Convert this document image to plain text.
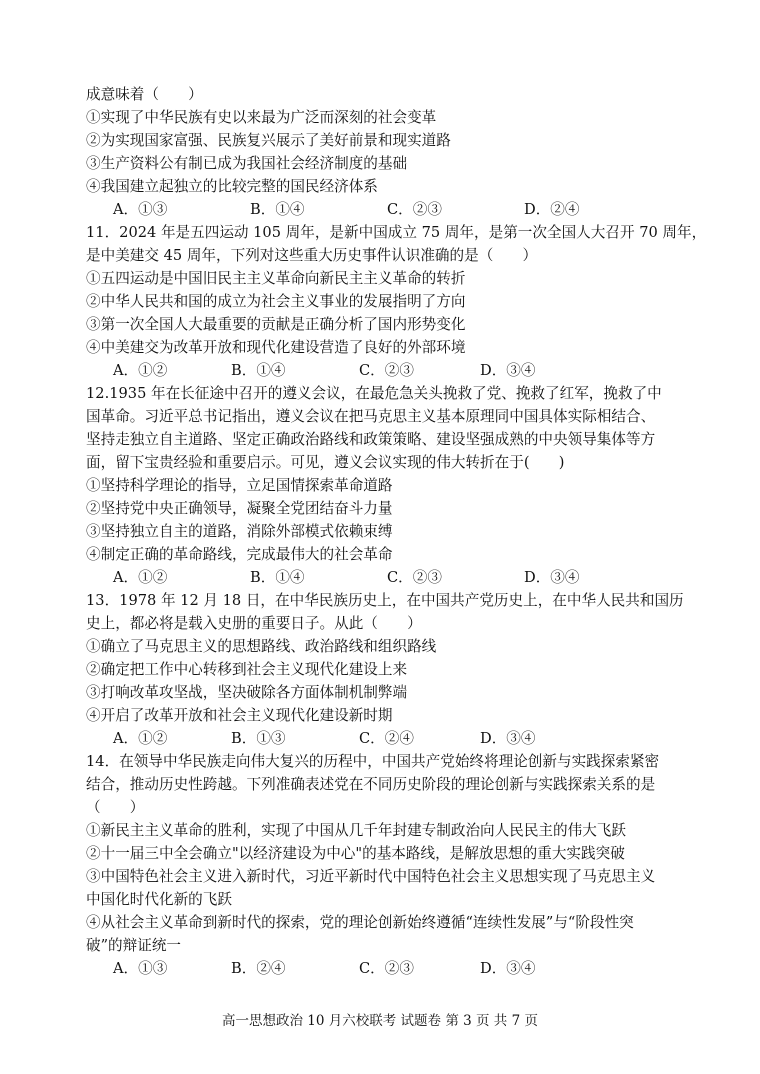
成意味着（　　）
①实现了中华民族有史以来最为广泛而深刻的社会变革
②为实现国家富强、民族复兴展示了美好前景和现实道路
③生产资料公有制已成为我国社会经济制度的基础
④我国建立起独立的比较完整的国民经济体系
A．①③	B．①④	C．②③	D．②④
11．2024 年是五四运动 105 周年，是新中国成立 75 周年，是第一次全国人大召开 70 周年，
是中美建交 45 周年，下列对这些重大历史事件认识准确的是（　　）
①五四运动是中国旧民主主义革命向新民主主义革命的转折
②中华人民共和国的成立为社会主义事业的发展指明了方向
③第一次全国人大最重要的贡献是正确分析了国内形势变化
④中美建交为改革开放和现代化建设营造了良好的外部环境
A．①②	B．①④	C．②③	D．③④
12.1935 年在长征途中召开的遵义会议，在最危急关头挽救了党、挽救了红军，挽救了中
国革命。习近平总书记指出，遵义会议在把马克思主义基本原理同中国具体实际相结合、
坚持走独立自主道路、坚定正确政治路线和政策策略、建设坚强成熟的中央领导集体等方
面，留下宝贵经验和重要启示。可见，遵义会议实现的伟大转折在于(　　)
①坚持科学理论的指导，立足国情探索革命道路
②坚持党中央正确领导，凝聚全党团结奋斗力量
③坚持独立自主的道路，消除外部模式依赖束缚
④制定正确的革命路线，完成最伟大的社会革命
A．①②	B．①④	C．②③	D．③④
13．1978 年 12 月 18 日，在中华民族历史上，在中国共产党历史上，在中华人民共和国历
史上，都必将是载入史册的重要日子。从此（　　）
①确立了马克思主义的思想路线、政治路线和组织路线
②确定把工作中心转移到社会主义现代化建设上来
③打响改革攻坚战，坚决破除各方面体制机制弊端
④开启了改革开放和社会主义现代化建设新时期
A．①②	B．①③	C．②④	D．③④
14．在领导中华民族走向伟大复兴的历程中，中国共产党始终将理论创新与实践探索紧密
结合，推动历史性跨越。下列准确表述党在不同历史阶段的理论创新与实践探索关系的是
（　　）
①新民主主义革命的胜利，实现了中国从几千年封建专制政治向人民民主的伟大飞跃
②十一届三中全会确立"以经济建设为中心"的基本路线，是解放思想的重大实践突破
③中国特色社会主义进入新时代，习近平新时代中国特色社会主义思想实现了马克思主义
中国化时代化新的飞跃
④从社会主义革命到新时代的探索，党的理论创新始终遵循“连续性发展”与“阶段性突
破”的辩证统一
A．①③	B．②④	C．②③	D．③④
高一思想政治 10 月六校联考 试题卷 第 3 页 共 7 页
